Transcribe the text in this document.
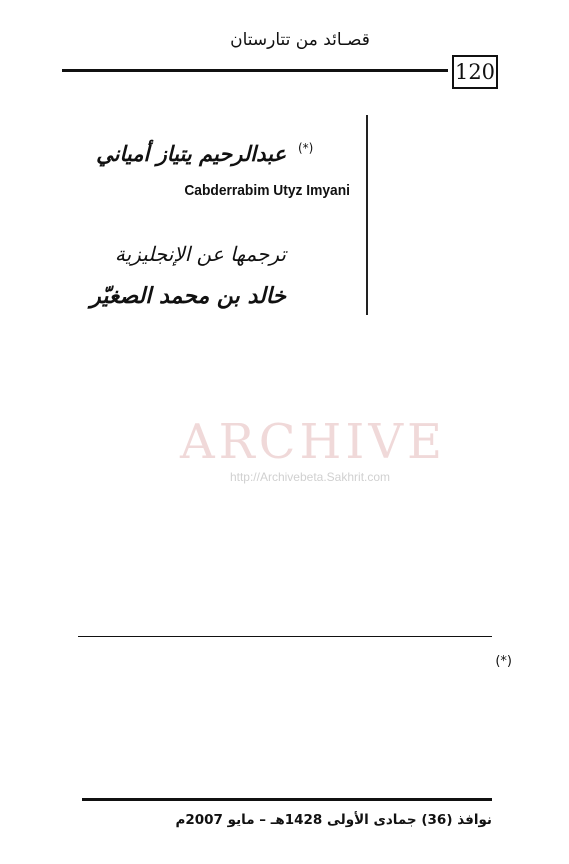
قصـائد من تتارستان
120
عبدالرحيم يتياز أمياني (*)
Cabderrabim Utyz Imyani
ترجمها عن الإنجليزية
خالد بن محمد الصغيّر
ARCHIVE
http://Archivebeta.Sakhrit.com
(*)
نوافذ (36) جمادى الأولى 1428هـ – مايو 2007م
